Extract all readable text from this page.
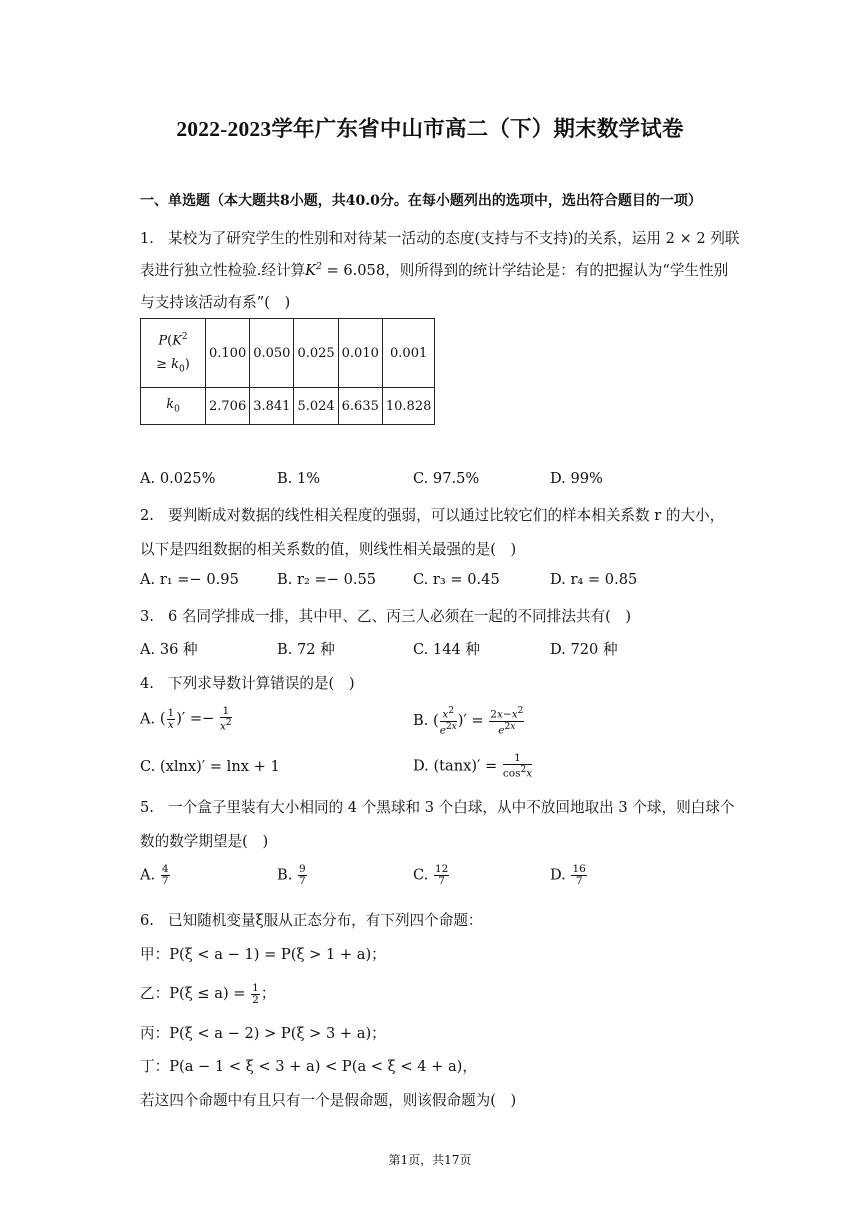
2022-2023学年广东省中山市高二（下）期末数学试卷
一、单选题（本大题共8小题，共40.0分。在每小题列出的选项中，选出符合题目的一项）
1. 某校为了研究学生的性别和对待某一活动的态度(支持与不支持)的关系，运用 2 × 2 列联
表进行独立性检验.经计算$K^2 = 6.058$，则所得到的统计学结论是：有的把握认为“学生性别
与支持该活动有系”(　)
$P(K^2$
≥ $k_0$)	0.100	0.050	0.025	0.010	0.001
$k_0$	2.706	3.841	5.024	6.635	10.828
A. 0.025%	B. 1%	C. 97.5%	D. 99%
2. 要判断成对数据的线性相关程度的强弱，可以通过比较它们的样本相关系数 r 的大小，
以下是四组数据的相关系数的值，则线性相关最强的是(　)
A. r₁ =− 0.95	B. r₂ =− 0.55	C. r₃ = 0.45	D. r₄ = 0.85
3. 6 名同学排成一排，其中甲、乙、丙三人必须在一起的不同排法共有(　)
A. 36 种	B. 72 种	C. 144 种	D. 720 种
4. 下列求导数计算错误的是(　)
A. ( $\frac{1}{x}$ )′ =− $\frac{1}{x^2}$	B. ( $\frac{x^2}{e^{2x}}$ )′ = $\frac{2x-x^2}{e^{2x}}$
C. (xlnx)′ = lnx + 1	D. $(\tan x)' = \frac{1}{\cos^2x}$
5. 一个盒子里装有大小相同的 4 个黑球和 3 个白球，从中不放回地取出 3 个球，则白球个
数的数学期望是(　)
A. $\frac{4}{7}$	B. $\frac{9}{7}$	C. $\frac{12}{7}$	D. $\frac{16}{7}$
6. 已知随机变量ξ服从正态分布，有下列四个命题：
甲：P(ξ < a − 1) = P(ξ > 1 + a)；
乙：$P(\xi \le a) = \frac{1}{2}$ ；
丙：P(ξ < a − 2) > P(ξ > 3 + a)；
丁：P(a − 1 < ξ < 3 + a) < P(a < ξ < 4 + a)，
若这四个命题中有且只有一个是假命题，则该假命题为(　)
第1页，共17页
